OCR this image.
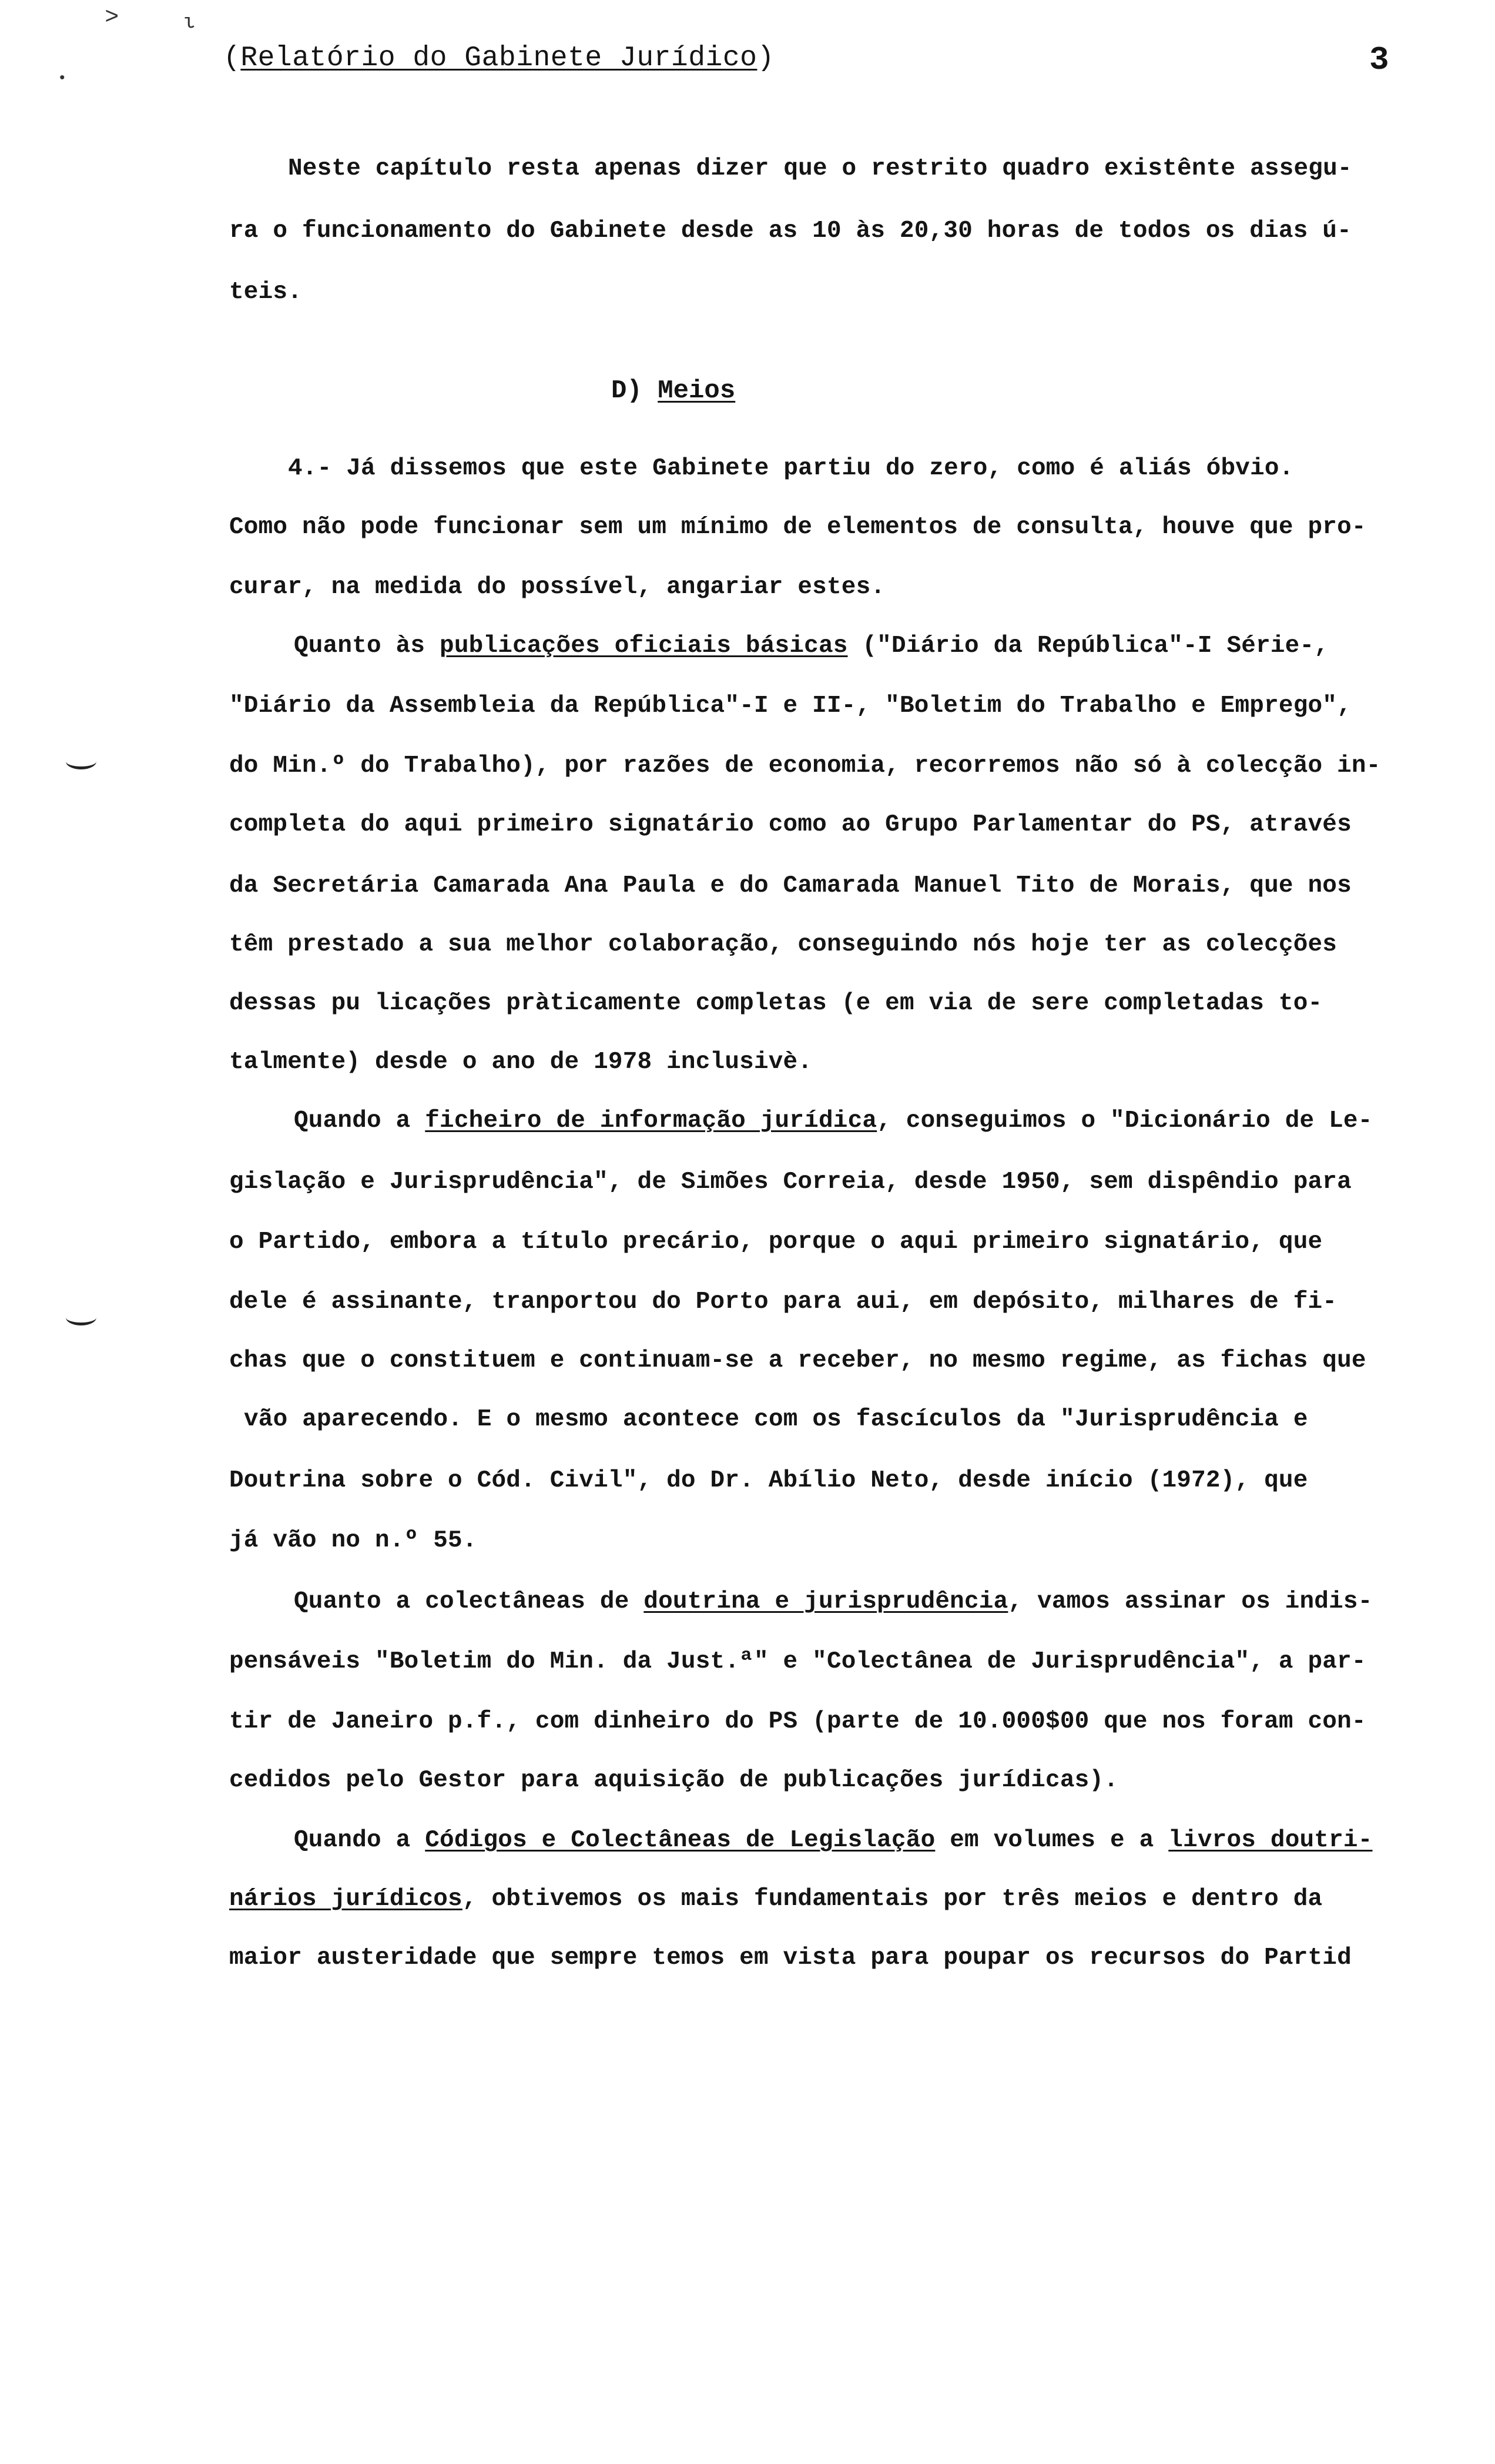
˃	ι
•
(Relatório do Gabinete Jurídico)	3
Neste capítulo resta apenas dizer que o restrito quadro existênte assegu-
ra o funcionamento do Gabinete desde as 10 às 20,30 horas de todos os dias ú-
teis.
D) Meios
4.- Já dissemos que este Gabinete partiu do zero, como é aliás óbvio.
Como não pode funcionar sem um mínimo de elementos de consulta, houve que pro-
curar, na medida do possível, angariar estes.
Quanto às publicações oficiais básicas ("Diário da República"-I Série-,
"Diário da Assembleia da República"-I e II-, "Boletim do Trabalho e Emprego",
do Min.º do Trabalho), por razões de economia, recorremos não só à colecção in-
completa do aqui primeiro signatário como ao Grupo Parlamentar do PS, através
da Secretária Camarada Ana Paula e do Camarada Manuel Tito de Morais, que nos
têm prestado a sua melhor colaboração, conseguindo nós hoje ter as colecções
dessas pu licações pràticamente completas (e em via de sere completadas to-
talmente) desde o ano de 1978 inclusivè.
Quando a ficheiro de informação jurídica, conseguimos o "Dicionário de Le-
gislação e Jurisprudência", de Simões Correia, desde 1950, sem dispêndio para
o Partido, embora a título precário, porque o aqui primeiro signatário, que
dele é assinante, tranportou do Porto para aui, em depósito, milhares de fi-
chas que o constituem e continuam-se a receber, no mesmo regime, as fichas que
vão aparecendo. E o mesmo acontece com os fascículos da "Jurisprudência e
Doutrina sobre o Cód. Civil", do Dr. Abílio Neto, desde início (1972), que
já vão no n.º 55.
Quanto a colectâneas de doutrina e jurisprudência, vamos assinar os indis-
pensáveis "Boletim do Min. da Just.ª" e "Colectânea de Jurisprudência", a par-
tir de Janeiro p.f., com dinheiro do PS (parte de 10.000$00 que nos foram con-
cedidos pelo Gestor para aquisição de publicações jurídicas).
Quando a Códigos e Colectâneas de Legislação em volumes e a livros doutri-
nários jurídicos, obtivemos os mais fundamentais por três meios e dentro da
maior austeridade que sempre temos em vista para poupar os recursos do Partid
